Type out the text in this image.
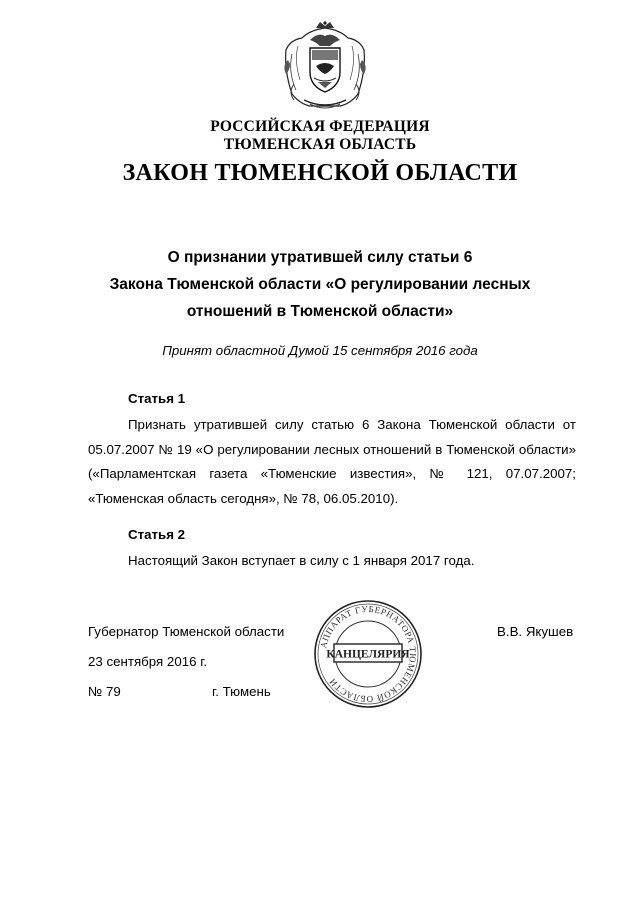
РОССИЙСКАЯ ФЕДЕРАЦИЯ
ТЮМЕНСКАЯ ОБЛАСТЬ
ЗАКОН ТЮМЕНСКОЙ ОБЛАСТИ
О признании утратившей силу статьи 6
Закона Тюменской области «О регулировании лесных
отношений в Тюменской области»
Принят областной Думой 15 сентября 2016 года
Статья 1
Признать утратившей силу статью 6 Закона Тюменской области от 05.07.2007 № 19 «О регулировании лесных отношений в Тюменской области» («Парламентская газета «Тюменские известия», № 121, 07.07.2007; «Тюменская область сегодня», № 78, 06.05.2010).
Статья 2
Настоящий Закон вступает в силу с 1 января 2017 года.
Губернатор Тюменской области	В.В. Якушев
23 сентября 2016 г.
№ 79	г. Тюмень
АППАРАТ ГУБЕРНАТОРА ТЮМЕНСКОЙ ОБЛАСТИ
КАНЦЕЛЯРИЯ
